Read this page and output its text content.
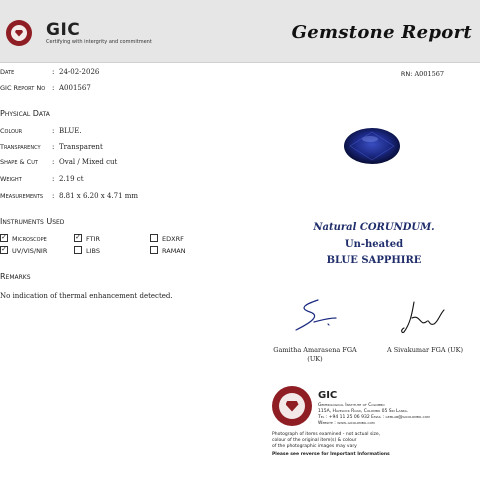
GIC
Certifying with intergrity and commitment	Gemstone Report
Date	: 24-02-2026
GIC Report No : A001567
RN: A001567
Physical Data
Colour	: BLUE.
Transparency	: Transparent
Shape & Cut	: Oval / Mixed cut
Weight	: 2.19 ct
Measurements	: 8.81 x 6.20 x 4.71 mm
Instruments Used
✓ Microscope	✓ FTIR	EDXRF
✓ UV/VIS/NIR	LIBS	RAMAN
Remarks
No indication of thermal enhancement detected.
Natural CORUNDUM.
Un-heated
BLUE SAPPHIRE
Gamitha Amarasena FGA
(UK)
A Sivakumar FGA (UK)
GIC
Gemmological Institute of Colombo
115A, Havelock Road, Colombo 05 Sri Lanka.
Tel : +94 11 25 06 932 Email : gemlab@gicolombo.com
Website : www.gicolombo.com
Photograph of items examined - not actual size,
colour of the original item(s) & colour
of the photographic images may vary
Please see reverse for Important Informations
